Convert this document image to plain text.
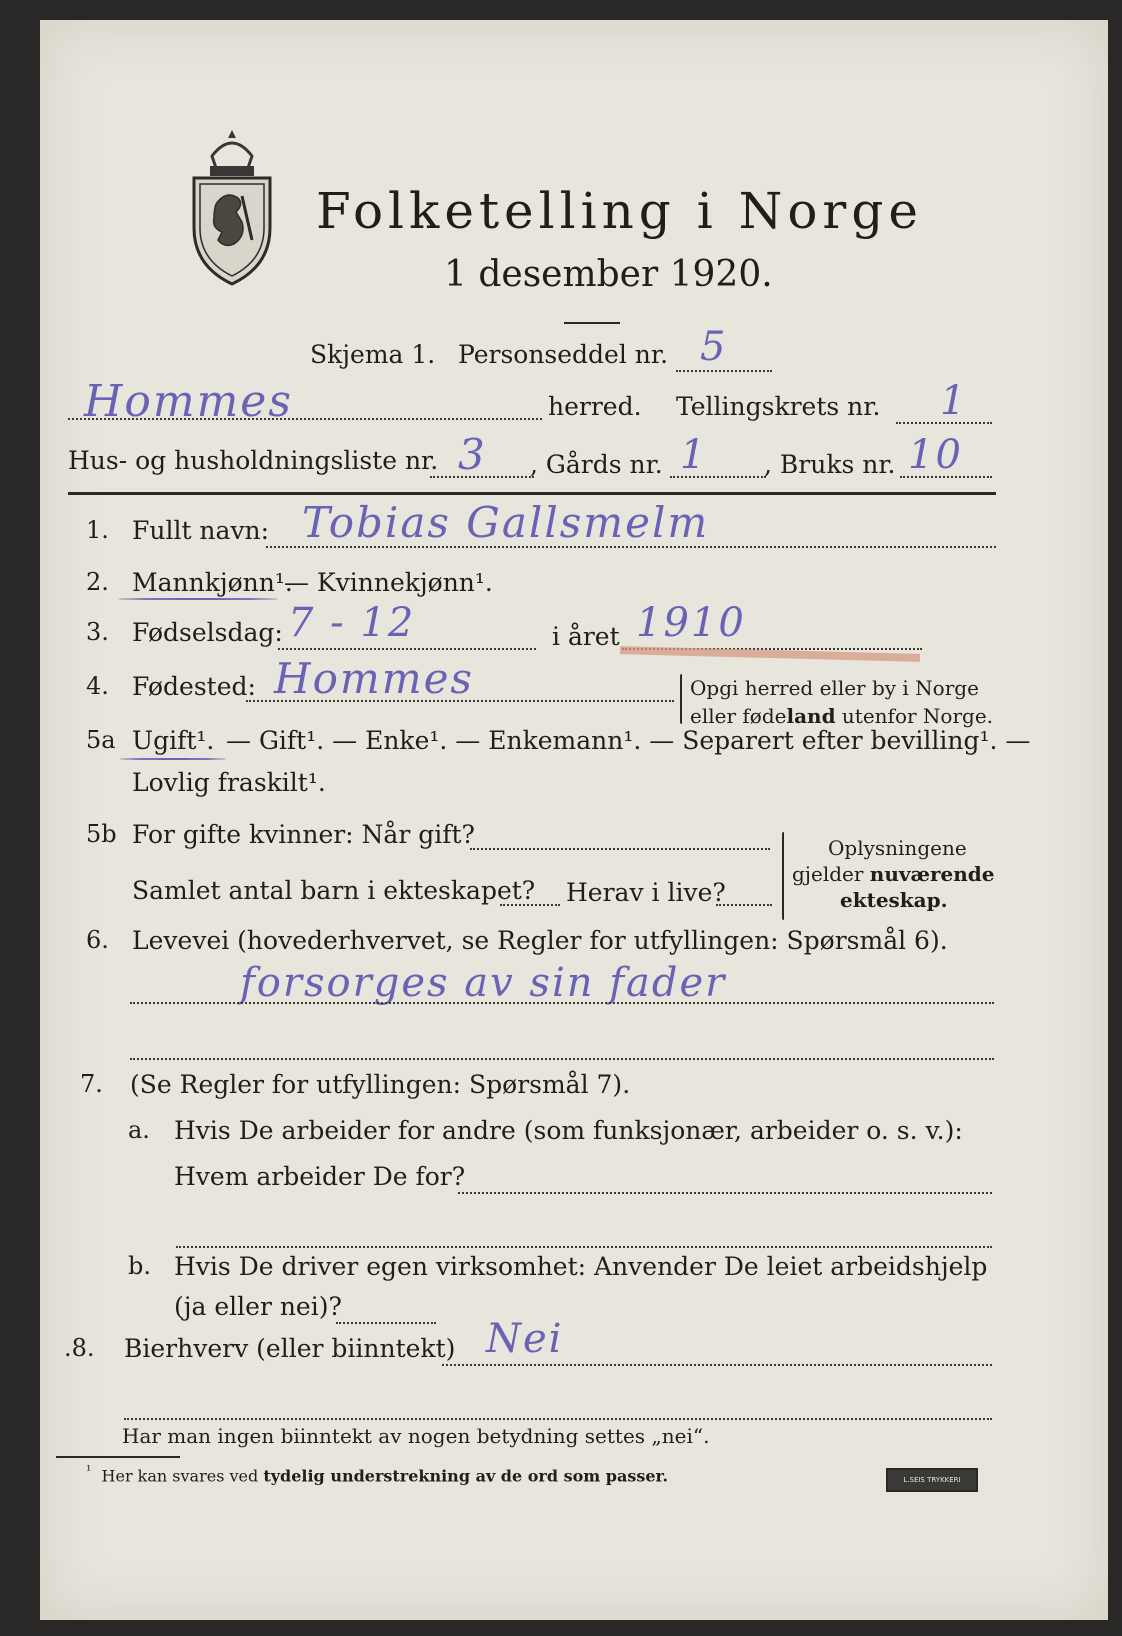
Folketelling i Norge
1 desember 1920.
Skjema 1. Personseddel nr. 5
Hommes	herred. Tellingskrets nr. 1
Hus- og husholdningsliste nr. 3 , Gårds nr. 1 , Bruks nr. 10
1. Fullt navn: Tobias Gallsmelm
2. Mannkjønn¹.
— Kvinnekjønn¹.
3. Fødselsdag: 7 - 12	i året 1910
4. Fødested: Hommes	Opgi herred eller by i Norge
eller fødeland utenfor Norge.
5a Ugift¹. — Gift¹. — Enke¹. — Enkemann¹. — Separert efter bevilling¹. —
Lovlig fraskilt¹.
5b For gifte kvinner: Når gift?
Samlet antal barn i ekteskapet? Herav i live?
Oplysningene
gjelder nuværende
ekteskap.
6. Levevei (hovederhvervet, se Regler for utfyllingen: Spørsmål 6).
forsorges av sin fader
7. (Se Regler for utfyllingen: Spørsmål 7).
a. Hvis De arbeider for andre (som funksjonær, arbeider o. s. v.):
Hvem arbeider De for?
b. Hvis De driver egen virksomhet: Anvender De leiet arbeidshjelp
(ja eller nei)?
.8. Bierhverv (eller biinntekt) Nei
Har man ingen biinntekt av nogen betydning settes „nei“.
$^{^1}$ Her kan svares ved tydelig understrekning av de ord som passer.	L.SEIS TRYKKERI
